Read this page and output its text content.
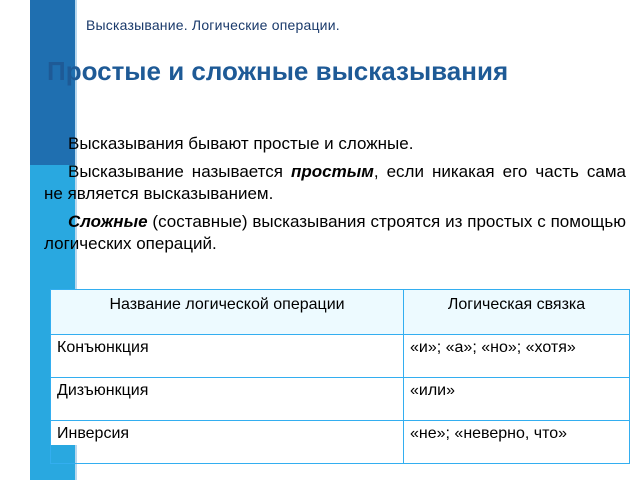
Высказывание. Логические операции.
Простые и сложные высказывания

Высказывания бывают простые и сложные.

Высказывание называется простым, если никакая его часть сама не является высказыванием.

Сложные (составные) высказывания строятся из простых с помощью логических операций.

Название логической операции	Логическая связка
Конъюнкция	«и»; «а»; «но»; «хотя»
Дизъюнкция	«или»
Инверсия	«не»; «неверно, что»
